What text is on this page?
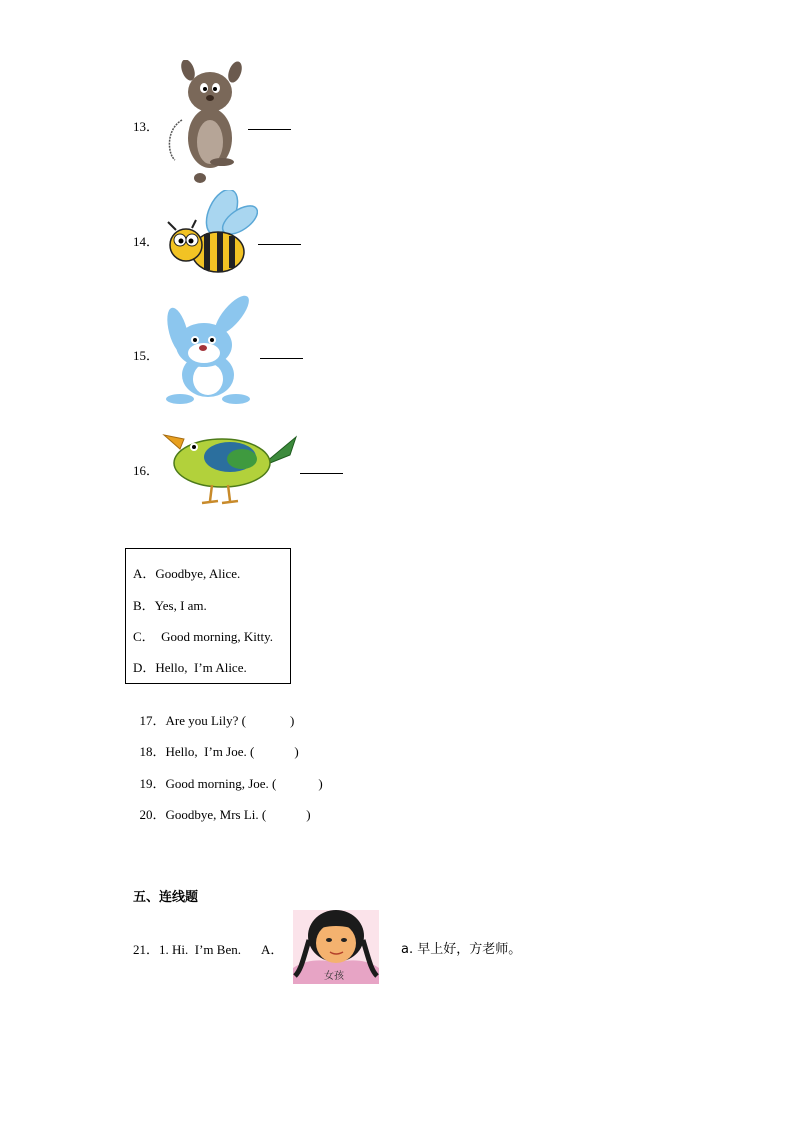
13．
14．
15．
16．
A．Goodbye, Alice.
B．Yes, I am.
C．  Good morning, Kitty.
D．Hello,  I’m Alice.

17．Are you Lily? (	)

18．Hello,  I’m Joe. (	)

19．Good morning, Joe. (	)

20．Goodbye, Mrs Li. (	)

五、连线题
21．1. Hi.  I’m Ben. A．
女孩
a. 早上好，方老师。
